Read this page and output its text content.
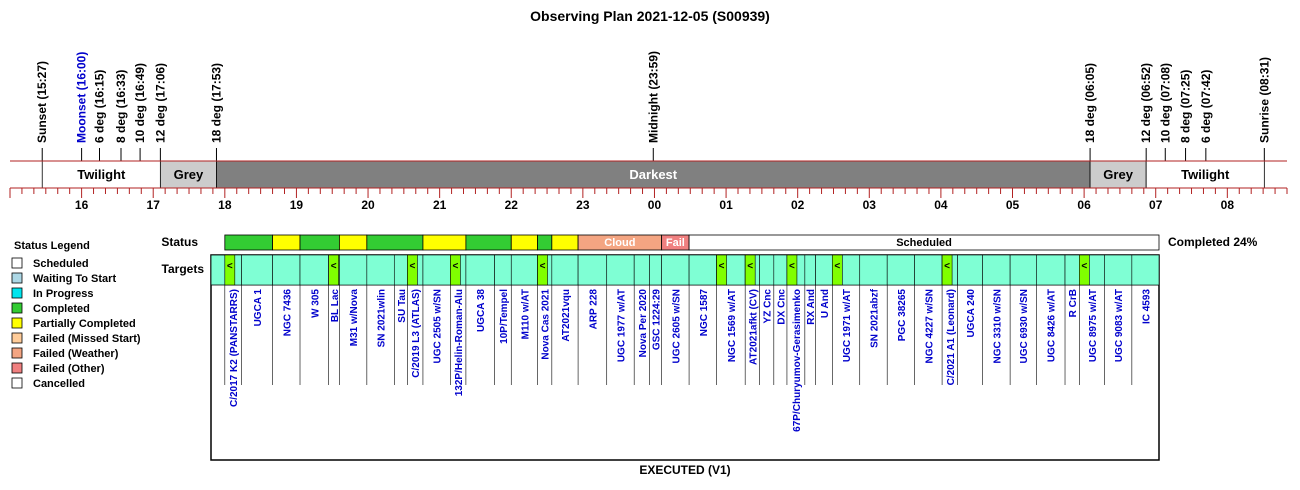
Observing Plan 2021-12-05 (S00939)
Sunset (15:27) Moonset (16:00) 6 deg (16:15) 8 deg (16:33) 10 deg (16:49) 12 deg (17:06)	18 deg (17:53)	Midnight (23:59)	18 deg (06:05)	12 deg (06:52) 10 deg (07:08) 8 deg (07:25) 6 deg (07:42)	Sunrise (08:31)
Twilight	Grey	Darkest	Grey	Twilight
16	17	18	19	20	21	22	23	00	01	02	03	04	05	06	07	08
Status	Cloud	Fail	Scheduled	Completed 24%
Targets <
C/2017 K2 (PANSTARRS) UGCA 1 NGC 7436 W 305
<
BL Lac M31 w/Nova SN 2021wlin SU Tau
<
C/2019 L3 (ATLAS) UGC 2505 w/SN
<
132P/Helin-Roman-Alu UGCA 38 10P/Tempel M110 w/AT
<
Nova Cas 2021 AT2021vqu ARP 228 UGC 1977 w/AT Nova Per 2020 GSC 1224:29 UGC 2605 w/SN NGC 1587
<
NGC 1569 w/AT
<
AT2021afkt (CV) YZ Cnc DX Cnc
<
67P/Churyumov-Gerasimenko RX And U And
<
UGC 1971 w/AT SN 2021abzf PGC 38265 NGC 4227 w/SN
<
C/2021 A1 (Leonard) UGCA 240 NGC 3310 w/SN UGC 6930 w/SN UGC 8426 w/AT R CrB
<
UGC 8975 w/AT UGC 9083 w/AT IC 4593
EXECUTED (V1)
Status Legend
Scheduled
Waiting To Start
In Progress
Completed
Partially Completed
Failed (Missed Start)
Failed (Weather)
Failed (Other)
Cancelled
